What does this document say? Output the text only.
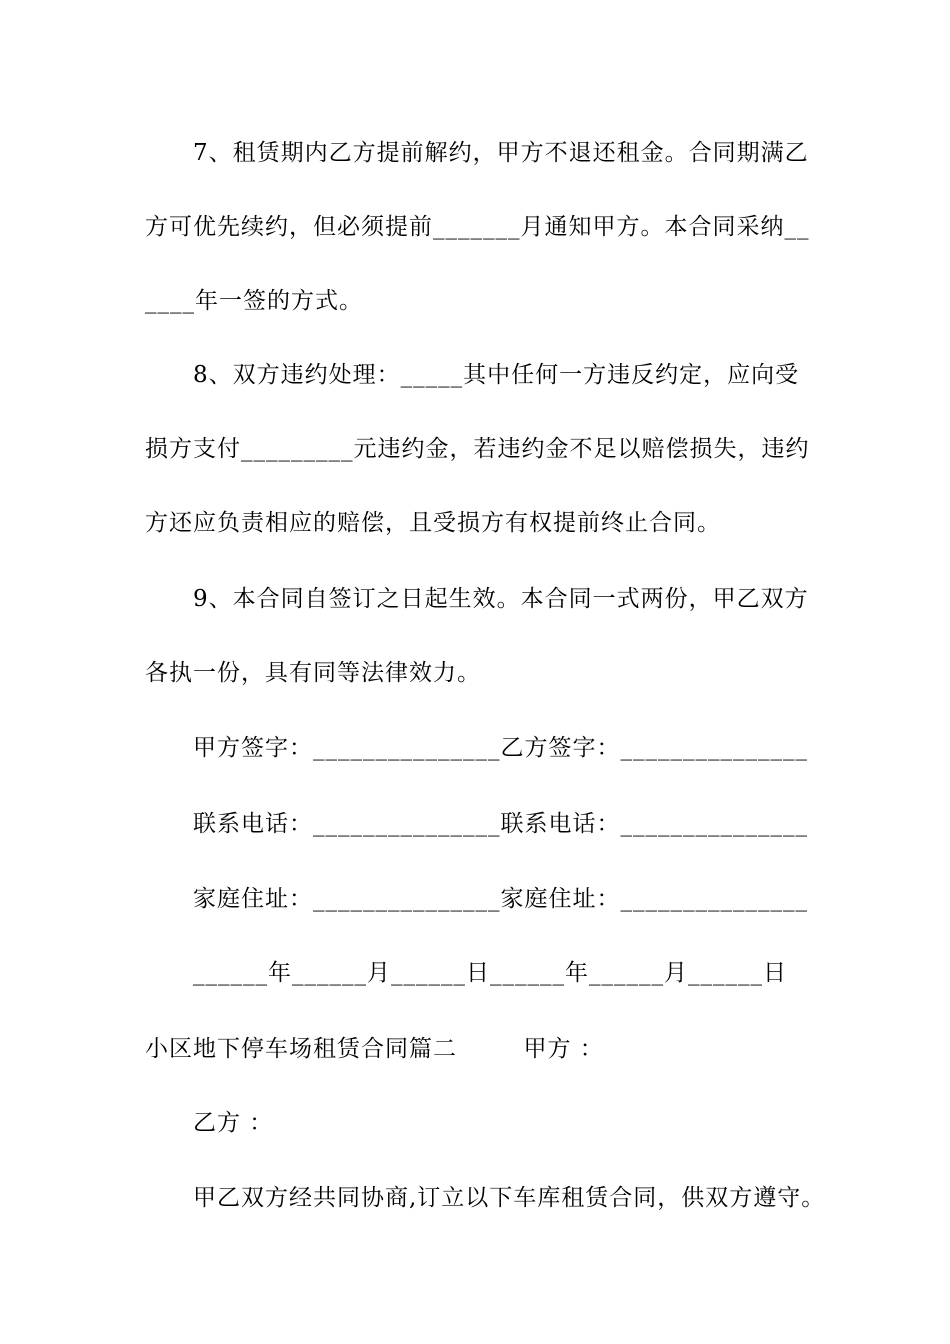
7、租赁期内乙方提前解约，甲方不退还租金。合同期满乙
方可优先续约，但必须提前_______月通知甲方。本合同采纳__
____年一签的方式。
8、双方违约处理：_____其中任何一方违反约定，应向受
损方支付_________元违约金，若违约金不足以赔偿损失，违约
方还应负责相应的赔偿，且受损方有权提前终止合同。
9、本合同自签订之日起生效。本合同一式两份，甲乙双方
各执一份，具有同等法律效力。
甲方签字：_______________乙方签字：_______________
联系电话：_______________联系电话：_______________
家庭住址：_______________家庭住址：_______________
______年______月______日______年______月______日
小区地下停车场租赁合同篇二        甲方 ：
乙方 ：
甲乙双方经共同协商,订立以下车库租赁合同，供双方遵守。
